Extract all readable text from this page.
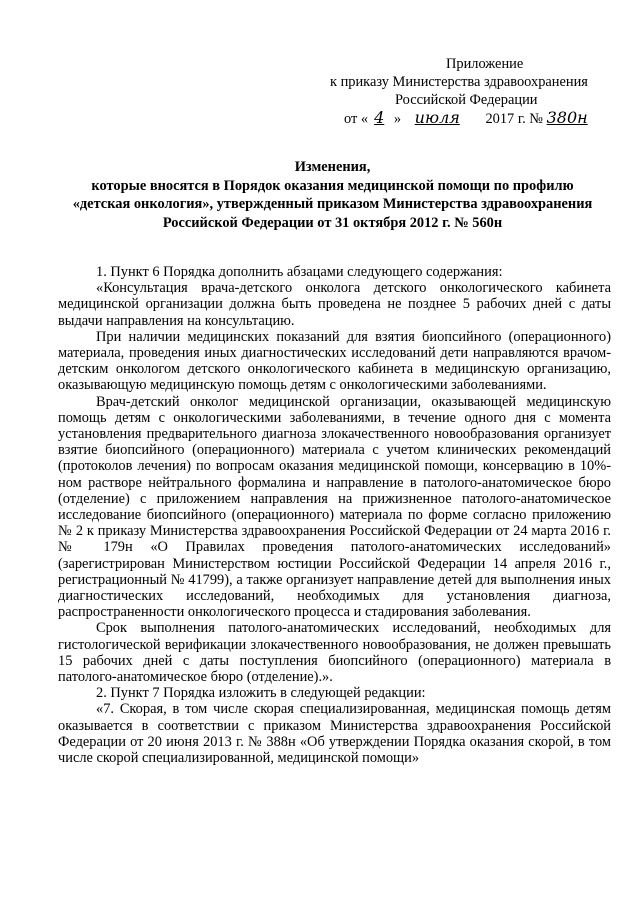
Приложение
к приказу Министерства здравоохранения
Российской Федерации
от « 4 » июля 2017 г. № 380н
Изменения,
которые вносятся в Порядок оказания медицинской помощи по профилю
«детская онкология», утвержденный приказом Министерства здравоохранения
Российской Федерации от 31 октября 2012 г. № 560н

1. Пункт 6 Порядка дополнить абзацами следующего содержания:

«Консультация врача-детского онколога детского онкологического кабинета медицинской организации должна быть проведена не позднее 5 рабочих дней с даты выдачи направления на консультацию.

При наличии медицинских показаний для взятия биопсийного (операционного) материала, проведения иных диагностических исследований дети направляются врачом-детским онкологом детского онкологического кабинета в медицинскую организацию, оказывающую медицинскую помощь детям с онкологическими заболеваниями.

Врач-детский онколог медицинской организации, оказывающей медицинскую помощь детям с онкологическими заболеваниями, в течение одного дня с момента установления предварительного диагноза злокачественного новообразования организует взятие биопсийного (операционного) материала с учетом клинических рекомендаций (протоколов лечения) по вопросам оказания медицинской помощи, консервацию в 10%-ном растворе нейтрального формалина и направление в патолого-анатомическое бюро (отделение) с приложением направления на прижизненное патолого-анатомическое исследование биопсийного (операционного) материала по форме согласно приложению № 2 к приказу Министерства здравоохранения Российской Федерации от 24 марта 2016 г. № 179н «О Правилах проведения патолого-анатомических исследований» (зарегистрирован Министерством юстиции Российской Федерации 14 апреля 2016 г., регистрационный № 41799), а также организует направление детей для выполнения иных диагностических исследований, необходимых для установления диагноза, распространенности онкологического процесса и стадирования заболевания.

Срок выполнения патолого-анатомических исследований, необходимых для гистологической верификации злокачественного новообразования, не должен превышать 15 рабочих дней с даты поступления биопсийного (операционного) материала в патолого-анатомическое бюро (отделение).».

2. Пункт 7 Порядка изложить в следующей редакции:

«7. Скорая, в том числе скорая специализированная, медицинская помощь детям оказывается в соответствии с приказом Министерства здравоохранения Российской Федерации от 20 июня 2013 г. № 388н «Об утверждении Порядка оказания скорой, в том числе скорой специализированной, медицинской помощи»
